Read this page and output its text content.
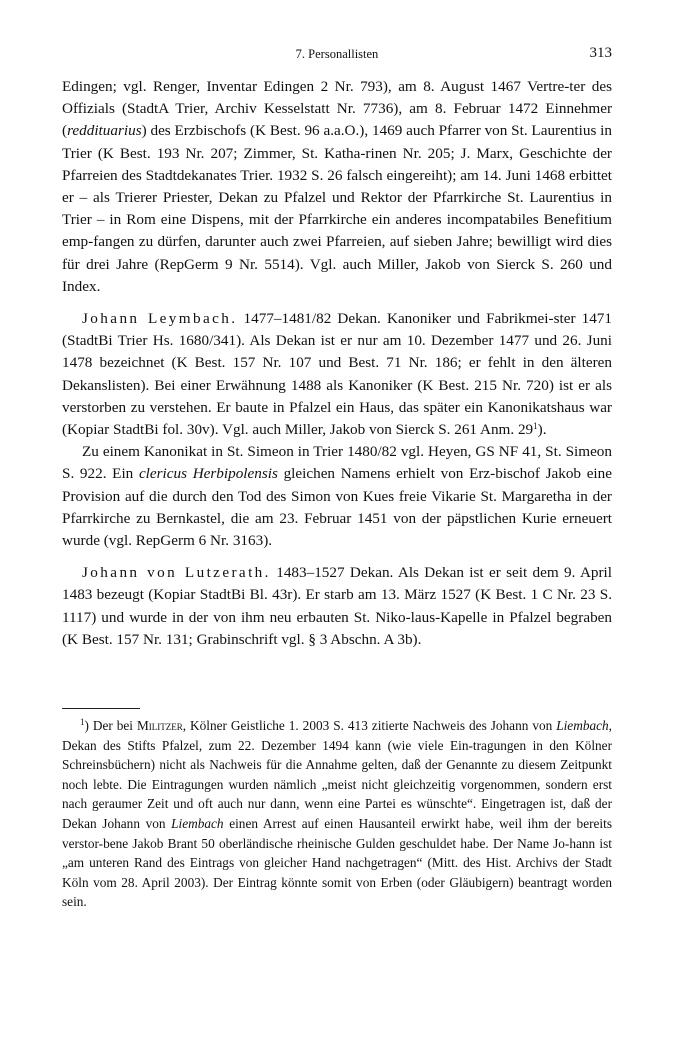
7. Personallisten	313

Edingen; vgl. Renger, Inventar Edingen 2 Nr. 793), am 8. August 1467 Vertre-ter des Offizials (StadtA Trier, Archiv Kesselstatt Nr. 7736), am 8. Februar 1472 Einnehmer (reddituarius) des Erzbischofs (K Best. 96 a.a.O.), 1469 auch Pfarrer von St. Laurentius in Trier (K Best. 193 Nr. 207; Zimmer, St. Katha-rinen Nr. 205; J. Marx, Geschichte der Pfarreien des Stadtdekanates Trier. 1932 S. 26 falsch eingereiht); am 14. Juni 1468 erbittet er – als Trierer Priester, Dekan zu Pfalzel und Rektor der Pfarrkirche St. Laurentius in Trier – in Rom eine Dispens, mit der Pfarrkirche ein anderes incompatabiles Benefitium emp-fangen zu dürfen, darunter auch zwei Pfarreien, auf sieben Jahre; bewilligt wird dies für drei Jahre (RepGerm 9 Nr. 5514). Vgl. auch Miller, Jakob von Sierck S. 260 und Index.

Johann Leymbach. 1477–1481/82 Dekan. Kanoniker und Fabrikmei-ster 1471 (StadtBi Trier Hs. 1680/341). Als Dekan ist er nur am 10. Dezember 1477 und 26. Juni 1478 bezeichnet (K Best. 157 Nr. 107 und Best. 71 Nr. 186; er fehlt in den älteren Dekanslisten). Bei einer Erwähnung 1488 als Kanoniker (K Best. 215 Nr. 720) ist er als verstorben zu verstehen. Er baute in Pfalzel ein Haus, das später ein Kanonikatshaus war (Kopiar StadtBi fol. 30v). Vgl. auch Miller, Jakob von Sierck S. 261 Anm. 29$^1$).

Zu einem Kanonikat in St. Simeon in Trier 1480/82 vgl. Heyen, GS NF 41, St. Simeon S. 922. Ein clericus Herbipolensis gleichen Namens erhielt von Erz-bischof Jakob eine Provision auf die durch den Tod des Simon von Kues freie Vikarie St. Margaretha in der Pfarrkirche zu Bernkastel, die am 23. Februar 1451 von der päpstlichen Kurie erneuert wurde (vgl. RepGerm 6 Nr. 3163).

Johann von Lutzerath. 1483–1527 Dekan. Als Dekan ist er seit dem 9. April 1483 bezeugt (Kopiar StadtBi Bl. 43r). Er starb am 13. März 1527 (K Best. 1 C Nr. 23 S. 1117) und wurde in der von ihm neu erbauten St. Niko-laus-Kapelle in Pfalzel begraben (K Best. 157 Nr. 131; Grabinschrift vgl. § 3 Abschn. A 3b).

$^1$) Der bei Militzer, Kölner Geistliche 1. 2003 S. 413 zitierte Nachweis des Johann von Liembach, Dekan des Stifts Pfalzel, zum 22. Dezember 1494 kann (wie viele Ein-tragungen in den Kölner Schreinsbüchern) nicht als Nachweis für die Annahme gelten, daß der Genannte zu diesem Zeitpunkt noch lebte. Die Eintragungen wurden nämlich „meist nicht gleichzeitig vorgenommen, sondern erst nach geraumer Zeit und oft auch nur dann, wenn eine Partei es wünschte“. Eingetragen ist, daß der Dekan Johann von Liembach einen Arrest auf einen Hausanteil erwirkt habe, weil ihm der bereits verstor-bene Jakob Brant 50 oberländische rheinische Gulden geschuldet habe. Der Name Jo-hann ist „am unteren Rand des Eintrags von gleicher Hand nachgetragen“ (Mitt. des Hist. Archivs der Stadt Köln vom 28. April 2003). Der Eintrag könnte somit von Erben (oder Gläubigern) beantragt worden sein.
